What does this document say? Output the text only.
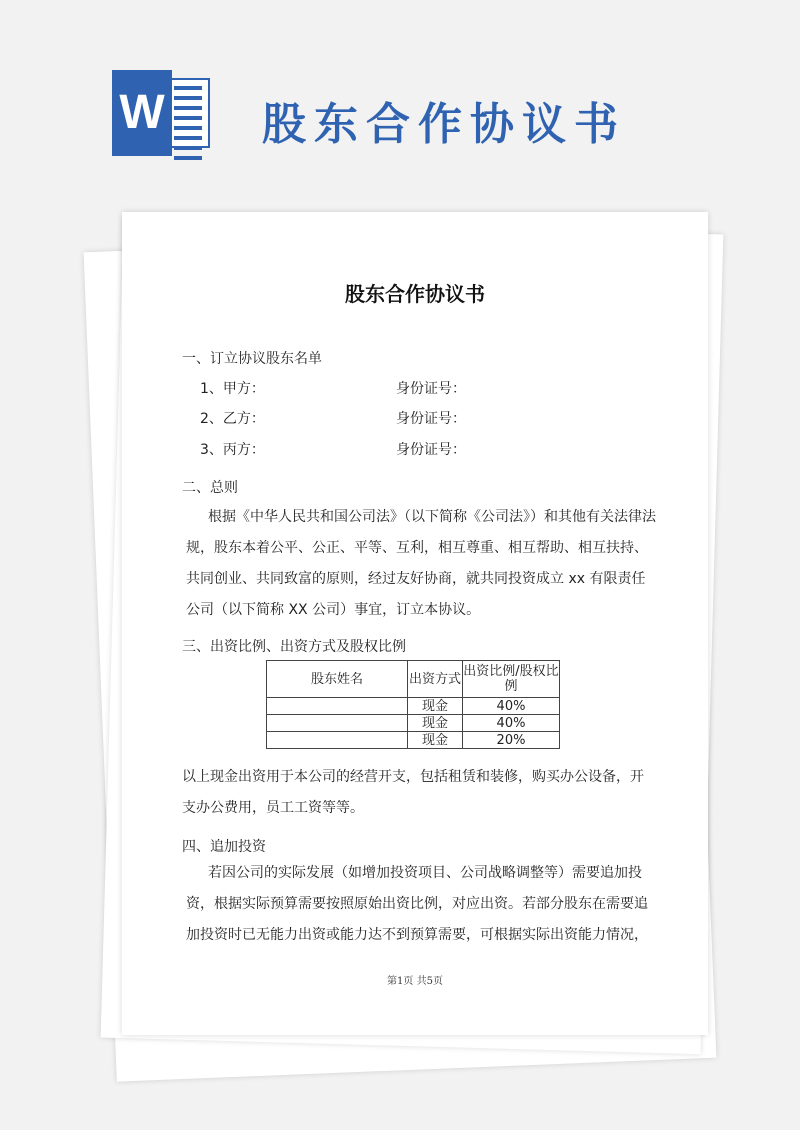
W 股东合作协议书
股东合作协议书
一、订立协议股东名单
1、甲方：	身份证号：
2、乙方：	身份证号：
3、丙方：	身份证号：
二、总则
根据《中华人民共和国公司法》（以下简称《公司法》）和其他有关法律法规，股东本着公平、公正、平等、互利，相互尊重、相互帮助、相互扶持、共同创业、共同致富的原则，经过友好协商，就共同投资成立 xx 有限责任公司（以下简称 XX 公司）事宜，订立本协议。
三、出资比例、出资方式及股权比例
股东姓名	出资方式	出资比例/股权比例
	现金	40%
	现金	40%
	现金	20%
以上现金出资用于本公司的经营开支，包括租赁和装修，购买办公设备，开支办公费用，员工工资等等。
四、追加投资
若因公司的实际发展（如增加投资项目、公司战略调整等）需要追加投资，根据实际预算需要按照原始出资比例，对应出资。若部分股东在需要追加投资时已无能力出资或能力达不到预算需要，可根据实际出资能力情况，
第1页 共5页
